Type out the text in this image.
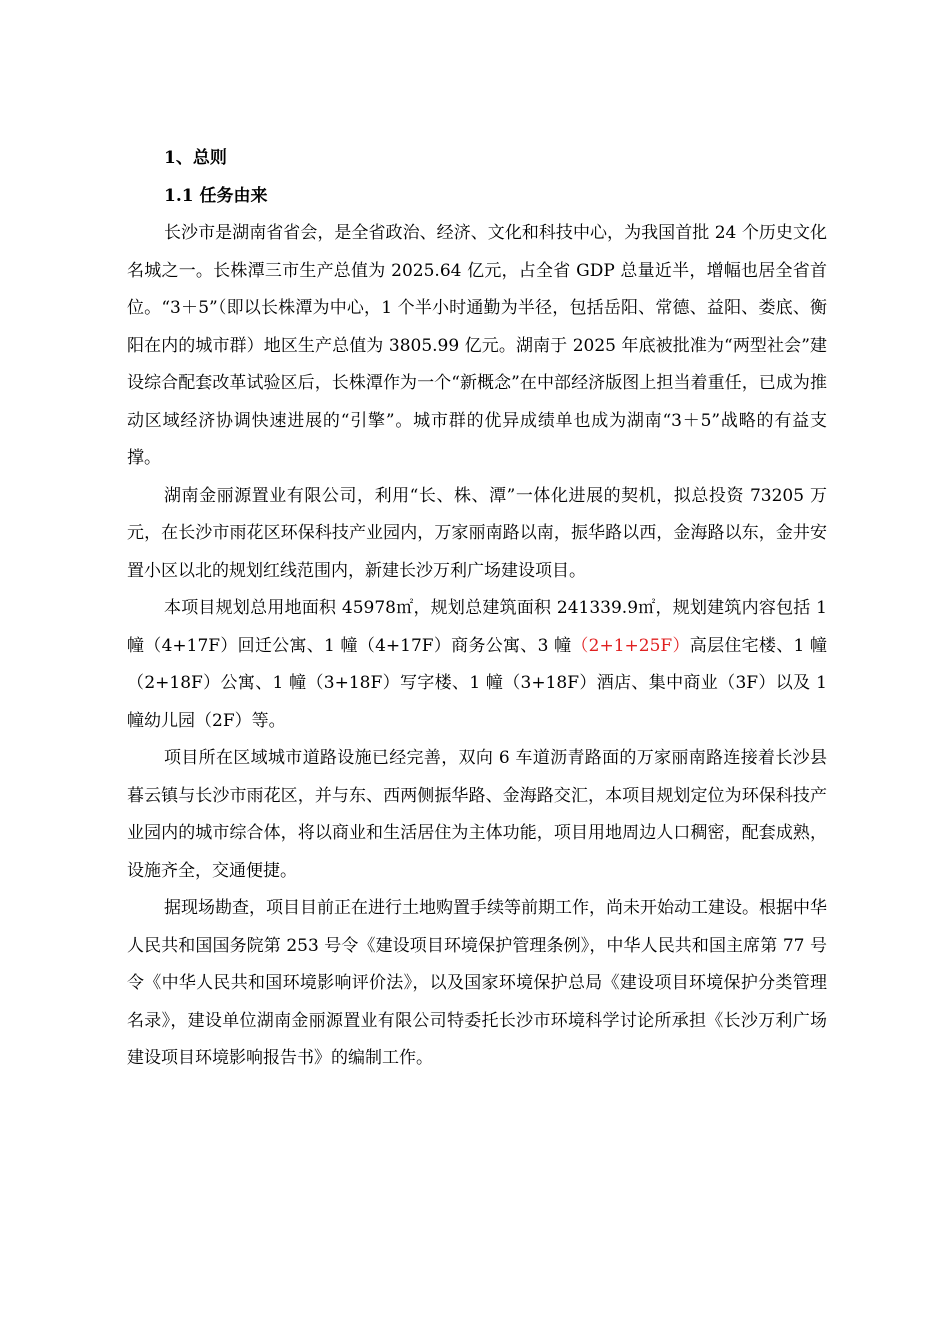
1、总则

1.1 任务由来

长沙市是湖南省省会，是全省政治、经济、文化和科技中心，为我国首批 24 个历史文化名城之一。长株潭三市生产总值为 2025.64 亿元，占全省 GDP 总量近半，增幅也居全省首位。“3＋5”（即以长株潭为中心，1 个半小时通勤为半径，包括岳阳、常德、益阳、娄底、衡阳在内的城市群）地区生产总值为 3805.99 亿元。湖南于 2025 年底被批准为“两型社会”建设综合配套改革试验区后，长株潭作为一个“新概念”在中部经济版图上担当着重任，已成为推动区域经济协调快速进展的“引擎”。城市群的优异成绩单也成为湖南“3＋5”战略的有益支撑。

湖南金丽源置业有限公司，利用“长、株、潭”一体化进展的契机，拟总投资 73205 万元，在长沙市雨花区环保科技产业园内，万家丽南路以南，振华路以西，金海路以东，金井安置小区以北的规划红线范围内，新建长沙万利广场建设项目。

本项目规划总用地面积 45978㎡，规划总建筑面积 241339.9㎡，规划建筑内容包括 1 幢（4+17F）回迁公寓、1 幢（4+17F）商务公寓、3 幢（2+1+25F）高层住宅楼、1 幢（2+18F）公寓、1 幢（3+18F）写字楼、1 幢（3+18F）酒店、集中商业（3F）以及 1 幢幼儿园（2F）等。

项目所在区域城市道路设施已经完善，双向 6 车道沥青路面的万家丽南路连接着长沙县暮云镇与长沙市雨花区，并与东、西两侧振华路、金海路交汇，本项目规划定位为环保科技产业园内的城市综合体，将以商业和生活居住为主体功能，项目用地周边人口稠密，配套成熟，设施齐全，交通便捷。

据现场勘查，项目目前正在进行土地购置手续等前期工作，尚未开始动工建设。根据中华人民共和国国务院第 253 号令《建设项目环境保护管理条例》，中华人民共和国主席第 77 号令《中华人民共和国环境影响评价法》，以及国家环境保护总局《建设项目环境保护分类管理名录》，建设单位湖南金丽源置业有限公司特委托长沙市环境科学讨论所承担《长沙万利广场建设项目环境影响报告书》的编制工作。
